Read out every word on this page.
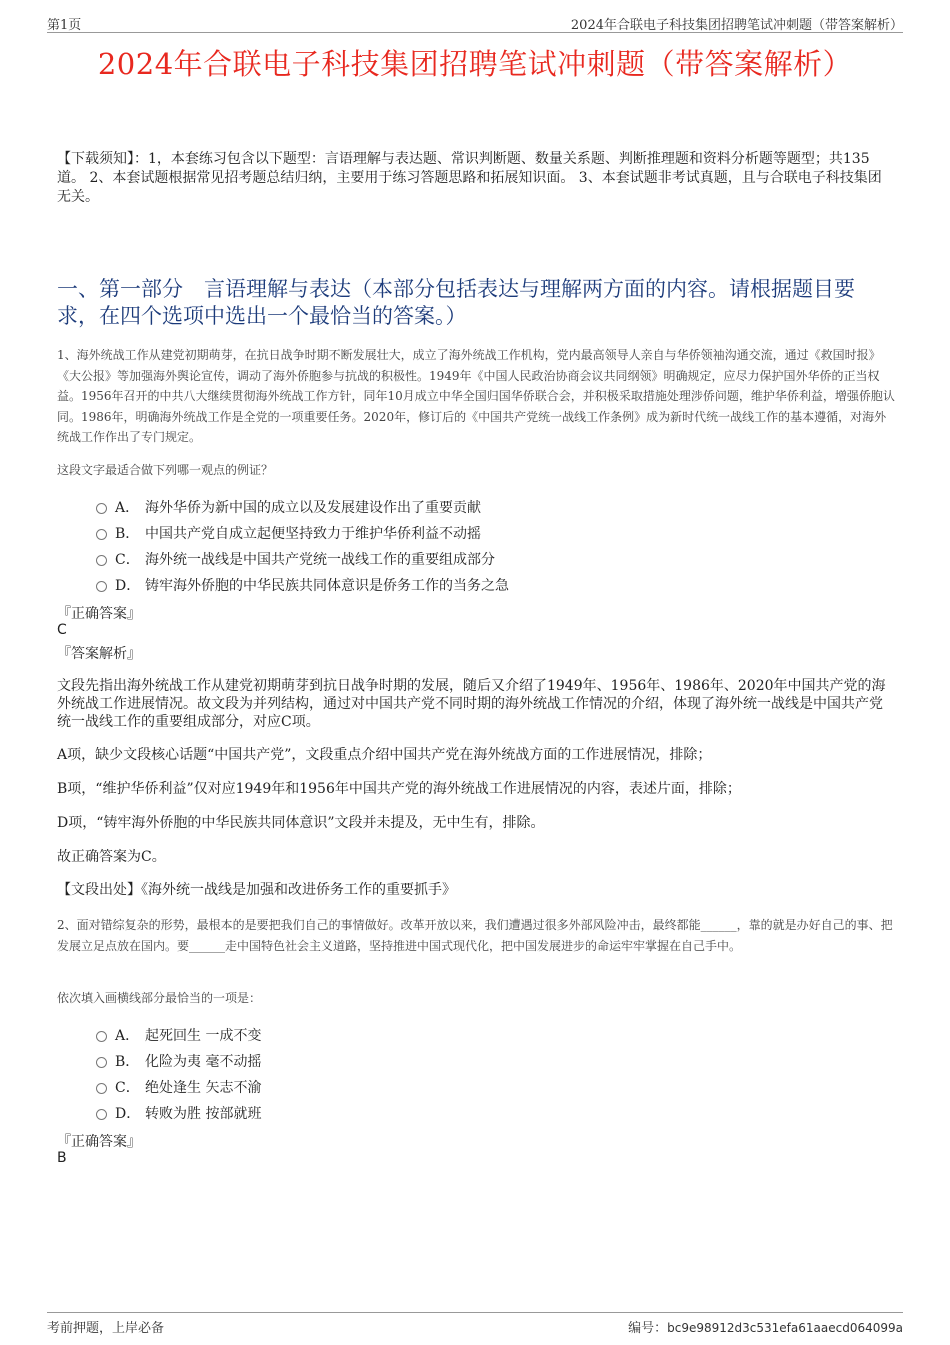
第1页	2024年合联电子科技集团招聘笔试冲刺题（带答案解析）
2024年合联电子科技集团招聘笔试冲刺题（带答案解析）
【下载须知】：1，本套练习包含以下题型：言语理解与表达题、常识判断题、数量关系题、判断推理题和资料分析题等题型；共135道。 2、本套试题根据常见招考题总结归纳，主要用于练习答题思路和拓展知识面。 3、本套试题非考试真题，且与合联电子科技集团无关。
一、第一部分　言语理解与表达（本部分包括表达与理解两方面的内容。请根据题目要求，在四个选项中选出一个最恰当的答案。）
1、海外统战工作从建党初期萌芽，在抗日战争时期不断发展壮大，成立了海外统战工作机构，党内最高领导人亲自与华侨领袖沟通交流，通过《救国时报》《大公报》等加强海外舆论宣传，调动了海外侨胞参与抗战的积极性。1949年《中国人民政治协商会议共同纲领》明确规定，应尽力保护国外华侨的正当权益。1956年召开的中共八大继续贯彻海外统战工作方针，同年10月成立中华全国归国华侨联合会，并积极采取措施处理涉侨问题，维护华侨利益，增强侨胞认同。1986年，明确海外统战工作是全党的一项重要任务。2020年，修订后的《中国共产党统一战线工作条例》成为新时代统一战线工作的基本遵循，对海外统战工作作出了专门规定。
这段文字最适合做下列哪一观点的例证？
A． 海外华侨为新中国的成立以及发展建设作出了重要贡献
B． 中国共产党自成立起便坚持致力于维护华侨利益不动摇
C． 海外统一战线是中国共产党统一战线工作的重要组成部分
D． 铸牢海外侨胞的中华民族共同体意识是侨务工作的当务之急
『正确答案』
C
『答案解析』
文段先指出海外统战工作从建党初期萌芽到抗日战争时期的发展，随后又介绍了1949年、1956年、1986年、2020年中国共产党的海外统战工作进展情况。故文段为并列结构，通过对中国共产党不同时期的海外统战工作情况的介绍，体现了海外统一战线是中国共产党统一战线工作的重要组成部分，对应C项。
A项，缺少文段核心话题“中国共产党”，文段重点介绍中国共产党在海外统战方面的工作进展情况，排除；
B项，“维护华侨利益”仅对应1949年和1956年中国共产党的海外统战工作进展情况的内容，表述片面，排除；
D项，“铸牢海外侨胞的中华民族共同体意识”文段并未提及，无中生有，排除。
故正确答案为C。
【文段出处】《海外统一战线是加强和改进侨务工作的重要抓手》
2、面对错综复杂的形势，最根本的是要把我们自己的事情做好。改革开放以来，我们遭遇过很多外部风险冲击，最终都能______，靠的就是办好自己的事、把发展立足点放在国内。要______走中国特色社会主义道路，坚持推进中国式现代化，把中国发展进步的命运牢牢掌握在自己手中。
依次填入画横线部分最恰当的一项是：
A． 起死回生 一成不变
B． 化险为夷 毫不动摇
C． 绝处逢生 矢志不渝
D． 转败为胜 按部就班
『正确答案』
B
考前押题，上岸必备	编号：bc9e98912d3c531efa61aaecd064099a
